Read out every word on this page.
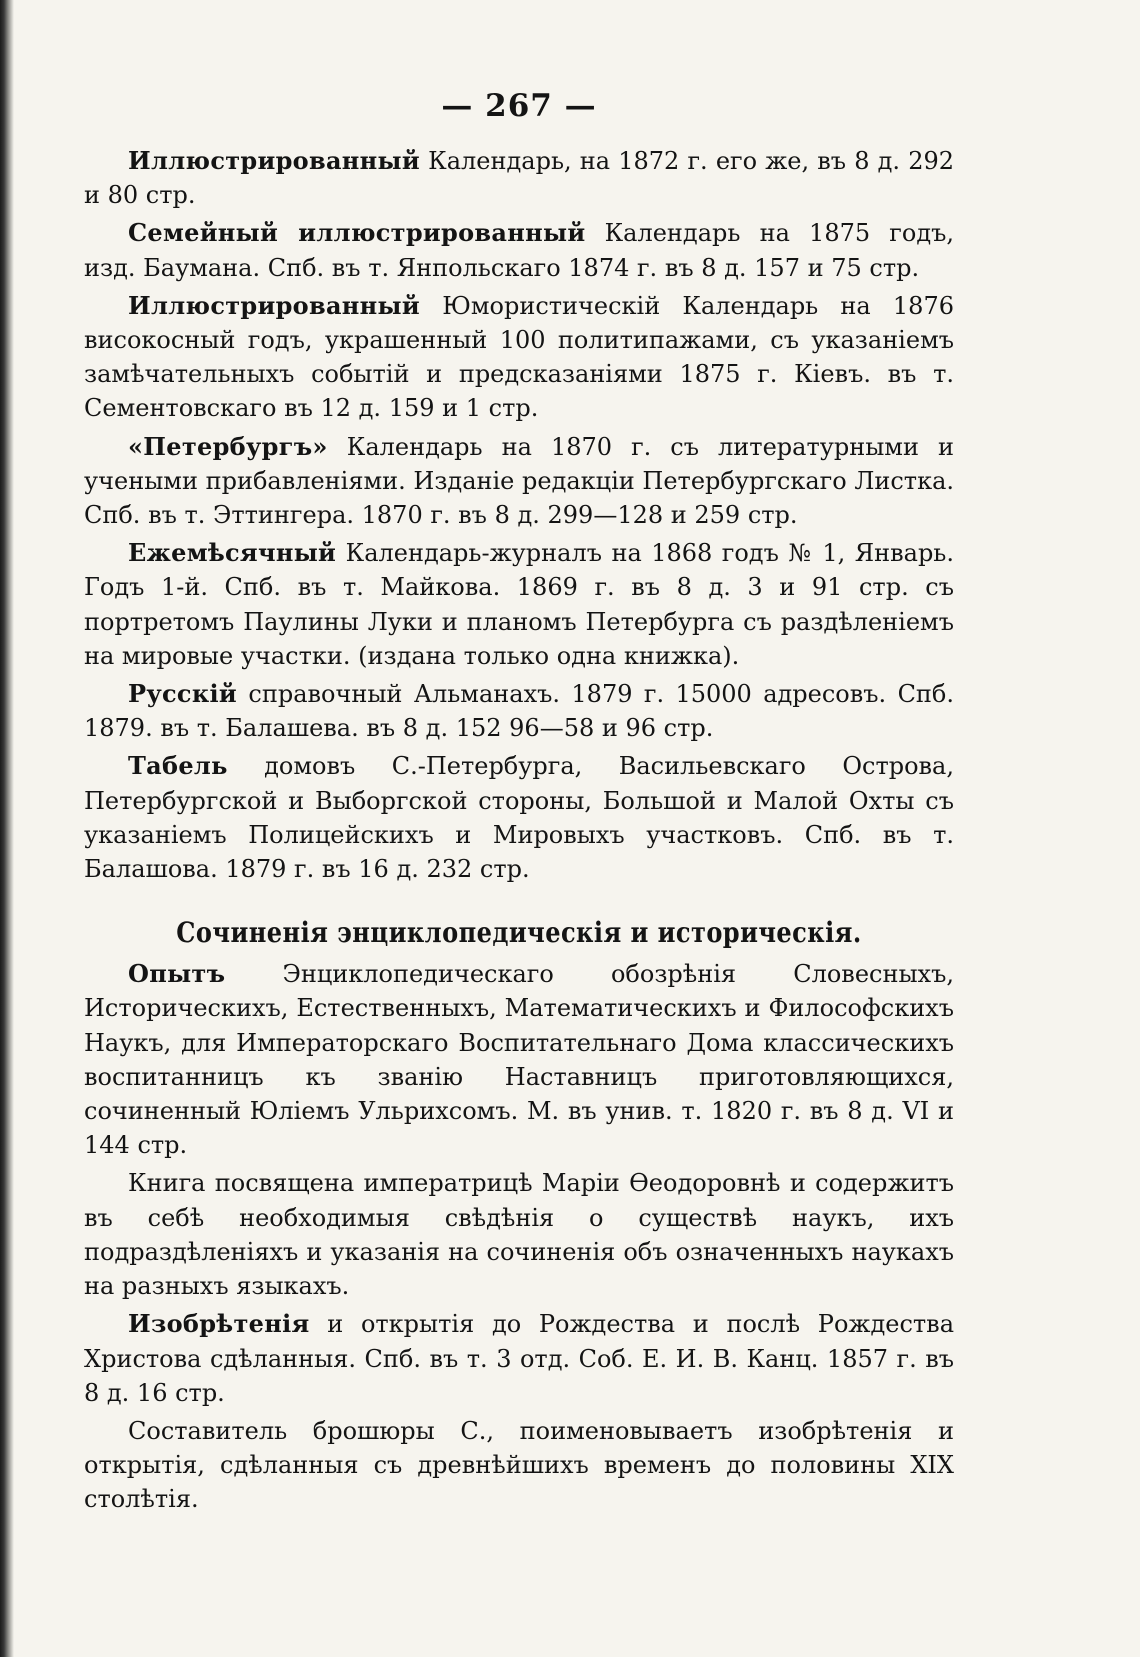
— 267 —

Иллюстрированный Календарь, на 1872 г. его же, въ 8 д. 292 и 80 стр.

Семейный иллюстрированный Календарь на 1875 годъ, изд. Баумана. Спб. въ т. Янпольскаго 1874 г. въ 8 д. 157 и 75 стр.

Иллюстрированный Юмористическій Календарь на 1876 високосный годъ, украшенный 100 политипажами, съ указаніемъ замѣчательныхъ событій и предсказаніями 1875 г. Кіевъ. въ т. Сементовскаго въ 12 д. 159 и 1 стр.

«Петербургъ» Календарь на 1870 г. съ литературными и учеными прибавленіями. Изданіе редакціи Петербургскаго Листка. Спб. въ т. Эттингера. 1870 г. въ 8 д. 299—128 и 259 стр.

Ежемѣсячный Календарь-журналъ на 1868 годъ № 1, Январь. Годъ 1-й. Спб. въ т. Майкова. 1869 г. въ 8 д. 3 и 91 стр. съ портретомъ Паулины Луки и планомъ Петербурга съ раздѣленіемъ на мировые участки. (издана только одна книжка).

Русскій справочный Альманахъ. 1879 г. 15000 адресовъ. Спб. 1879. въ т. Балашева. въ 8 д. 152 96—58 и 96 стр.

Табель домовъ С.-Петербурга, Васильевскаго Острова, Петербургской и Выборгской стороны, Большой и Малой Охты съ указаніемъ Полицейскихъ и Мировыхъ участковъ. Спб. въ т. Балашова. 1879 г. въ 16 д. 232 стр.

Сочиненія энциклопедическія и историческія.

Опытъ Энциклопедическаго обозрѣнія Словесныхъ, Историческихъ, Естественныхъ, Математическихъ и Философскихъ Наукъ, для Императорскаго Воспитательнаго Дома классическихъ воспитанницъ къ званію Наставницъ приготовляющихся, сочиненный Юліемъ Ульрихсомъ. М. въ унив. т. 1820 г. въ 8 д. VI и 144 стр.

Книга посвящена императрицѣ Маріи Ѳеодоровнѣ и содержитъ въ себѣ необходимыя свѣдѣнія о существѣ наукъ, ихъ подраздѣленіяхъ и указанія на сочиненія объ означенныхъ наукахъ на разныхъ языкахъ.

Изобрѣтенія и открытія до Рождества и послѣ Рождества Христова сдѣланныя. Спб. въ т. 3 отд. Соб. Е. И. В. Канц. 1857 г. въ 8 д. 16 стр.

Составитель брошюры С., поименовываетъ изобрѣтенія и открытія, сдѣланныя съ древнѣйшихъ временъ до половины XIX столѣтія.
